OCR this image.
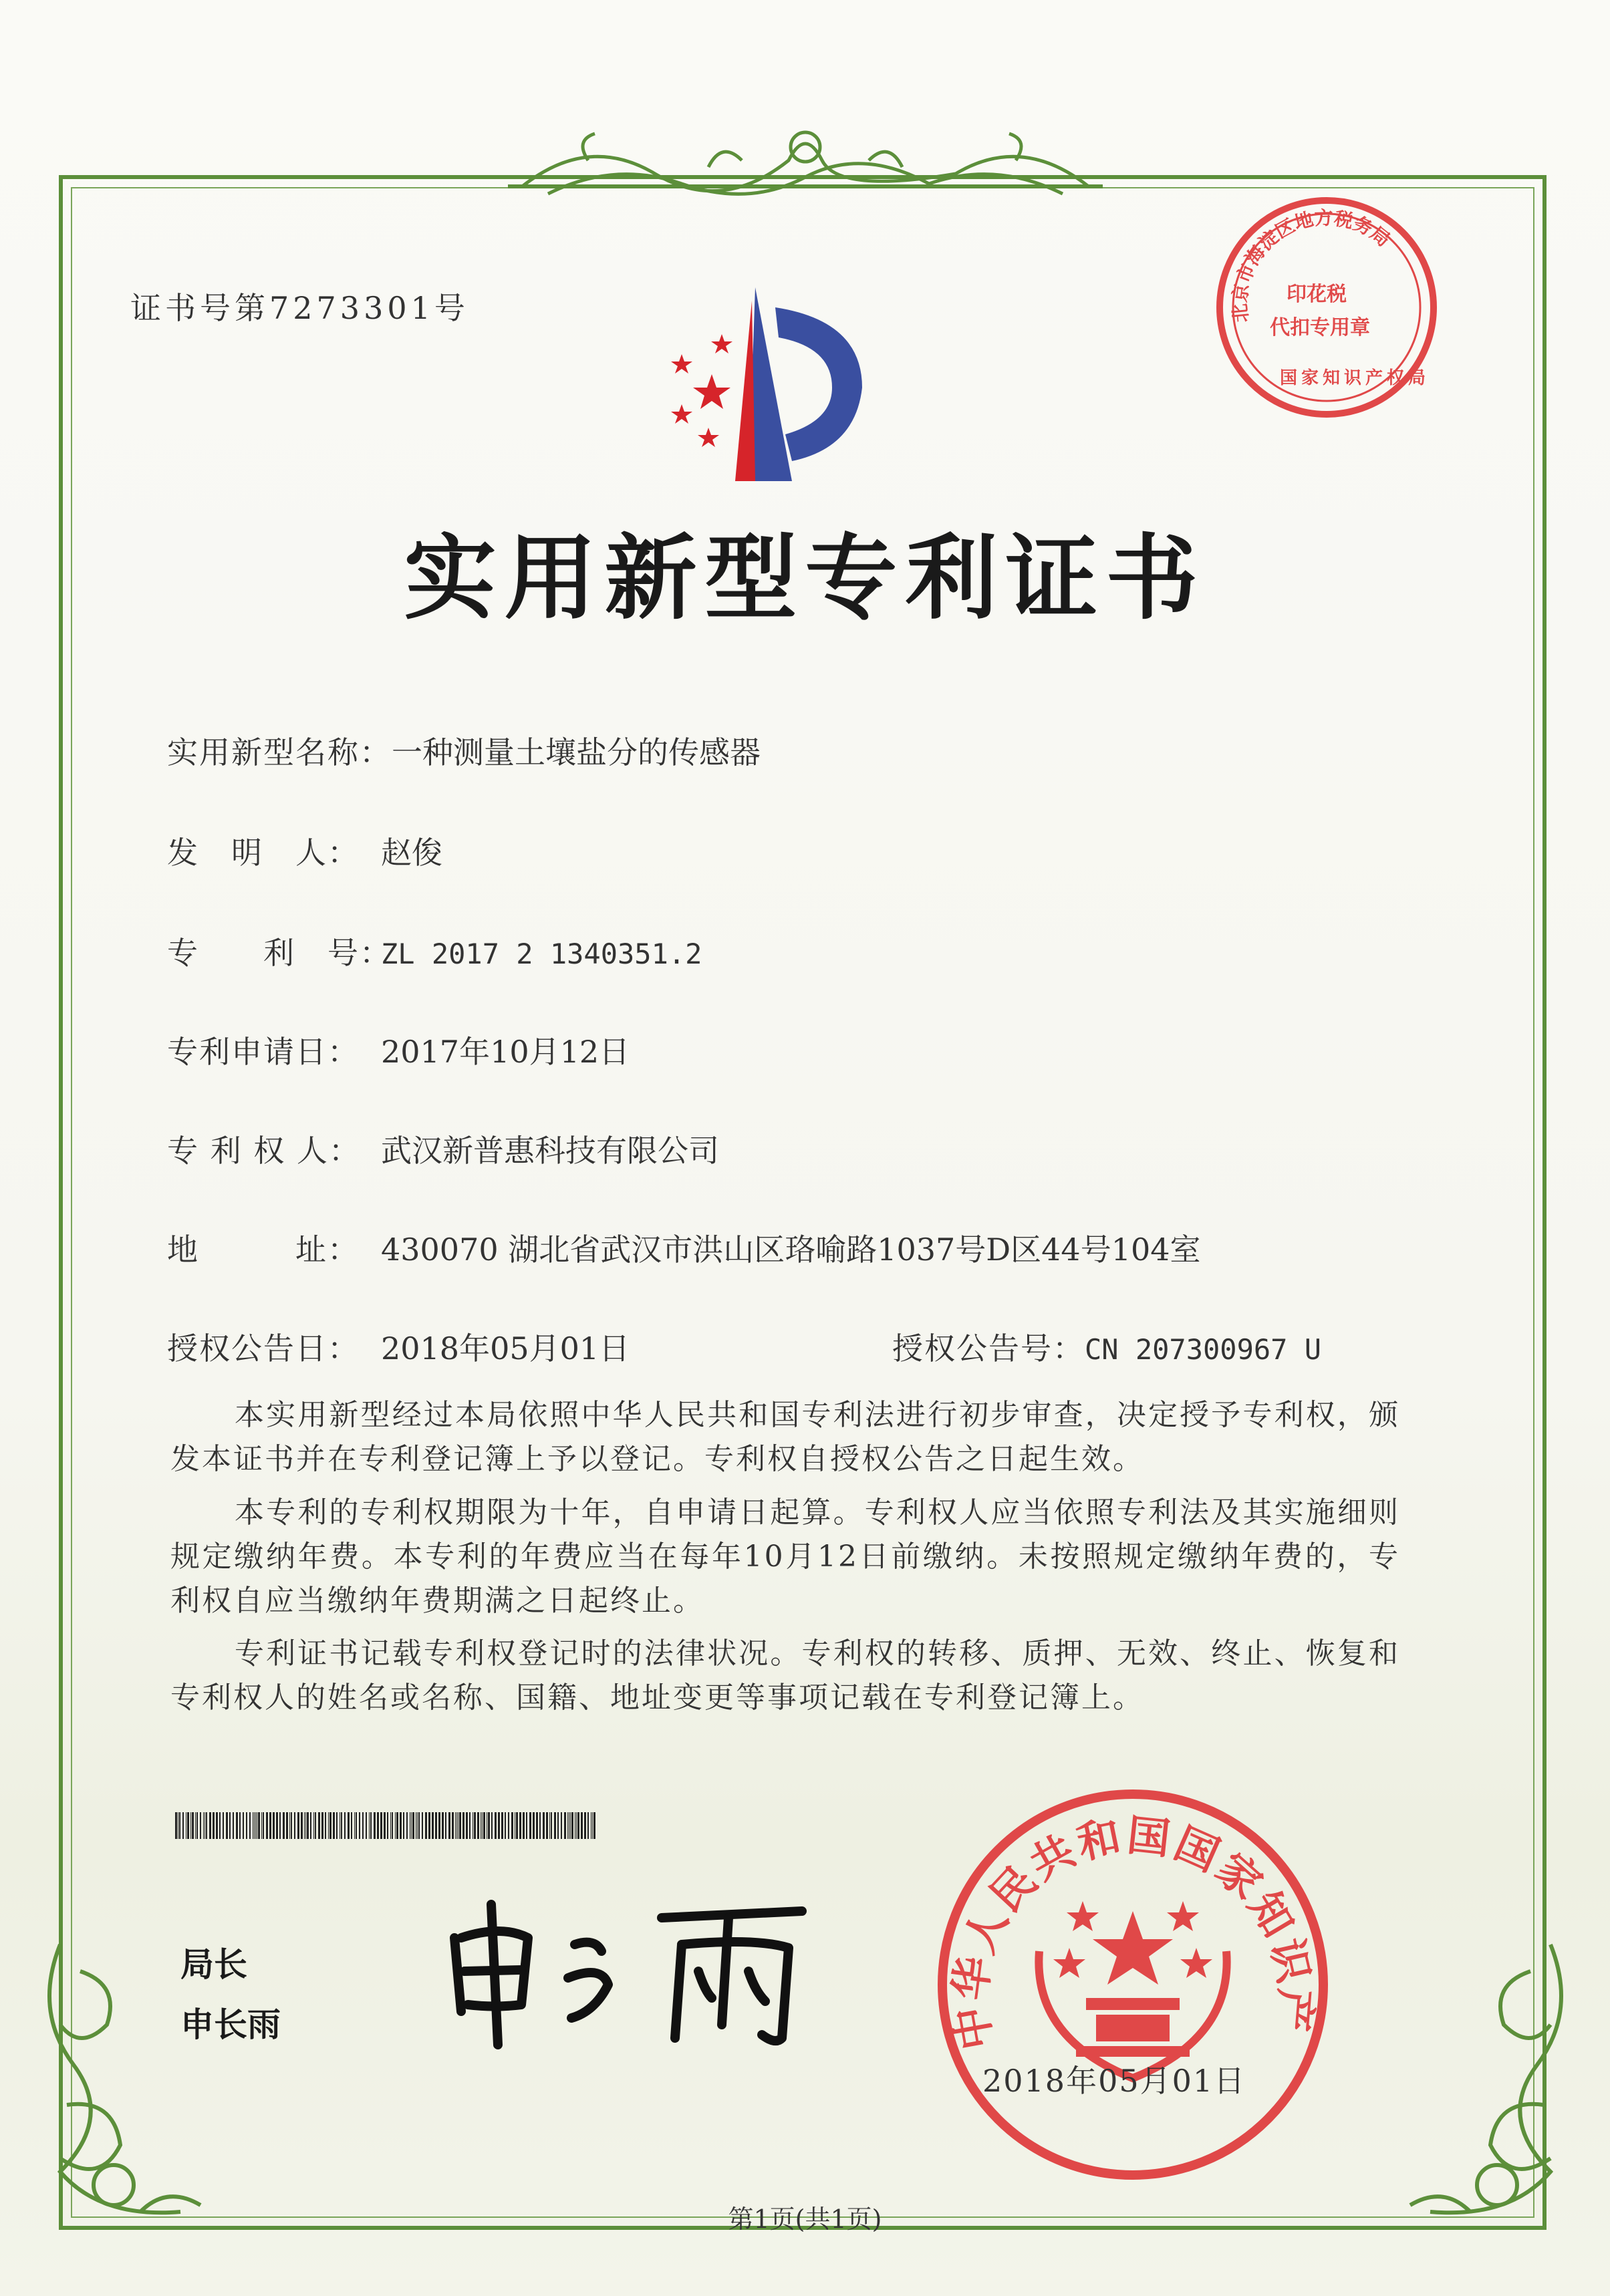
证书号第7273301号	北京市海淀区地方税务局
印花税
代扣专用章
国家知识产权局
实用新型专利证书
实用新型名称：一种测量土壤盐分的传感器
发　明　人： 赵俊
专　　利　号：ZL 2017 2 1340351.2
专利申请日： 2017年10月12日
专 利 权 人： 武汉新普惠科技有限公司
地　　　址： 430070 湖北省武汉市洪山区珞喻路1037号D区44号104室
授权公告日： 2018年05月01日	授权公告号：CN 207300967 U
本实用新型经过本局依照中华人民共和国专利法进行初步审查，决定授予专利权，颁发本证书并在专利登记簿上予以登记。专利权自授权公告之日起生效。
本专利的专利权期限为十年，自申请日起算。专利权人应当依照专利法及其实施细则规定缴纳年费。本专利的年费应当在每年10月12日前缴纳。未按照规定缴纳年费的，专利权自应当缴纳年费期满之日起终止。
专利证书记载专利权登记时的法律状况。专利权的转移、质押、无效、终止、恢复和专利权人的姓名或名称、国籍、地址变更等事项记载在专利登记簿上。
局长
申长雨	中华人民共和国国家知识产
2018年05月01日
第1页(共1页)
